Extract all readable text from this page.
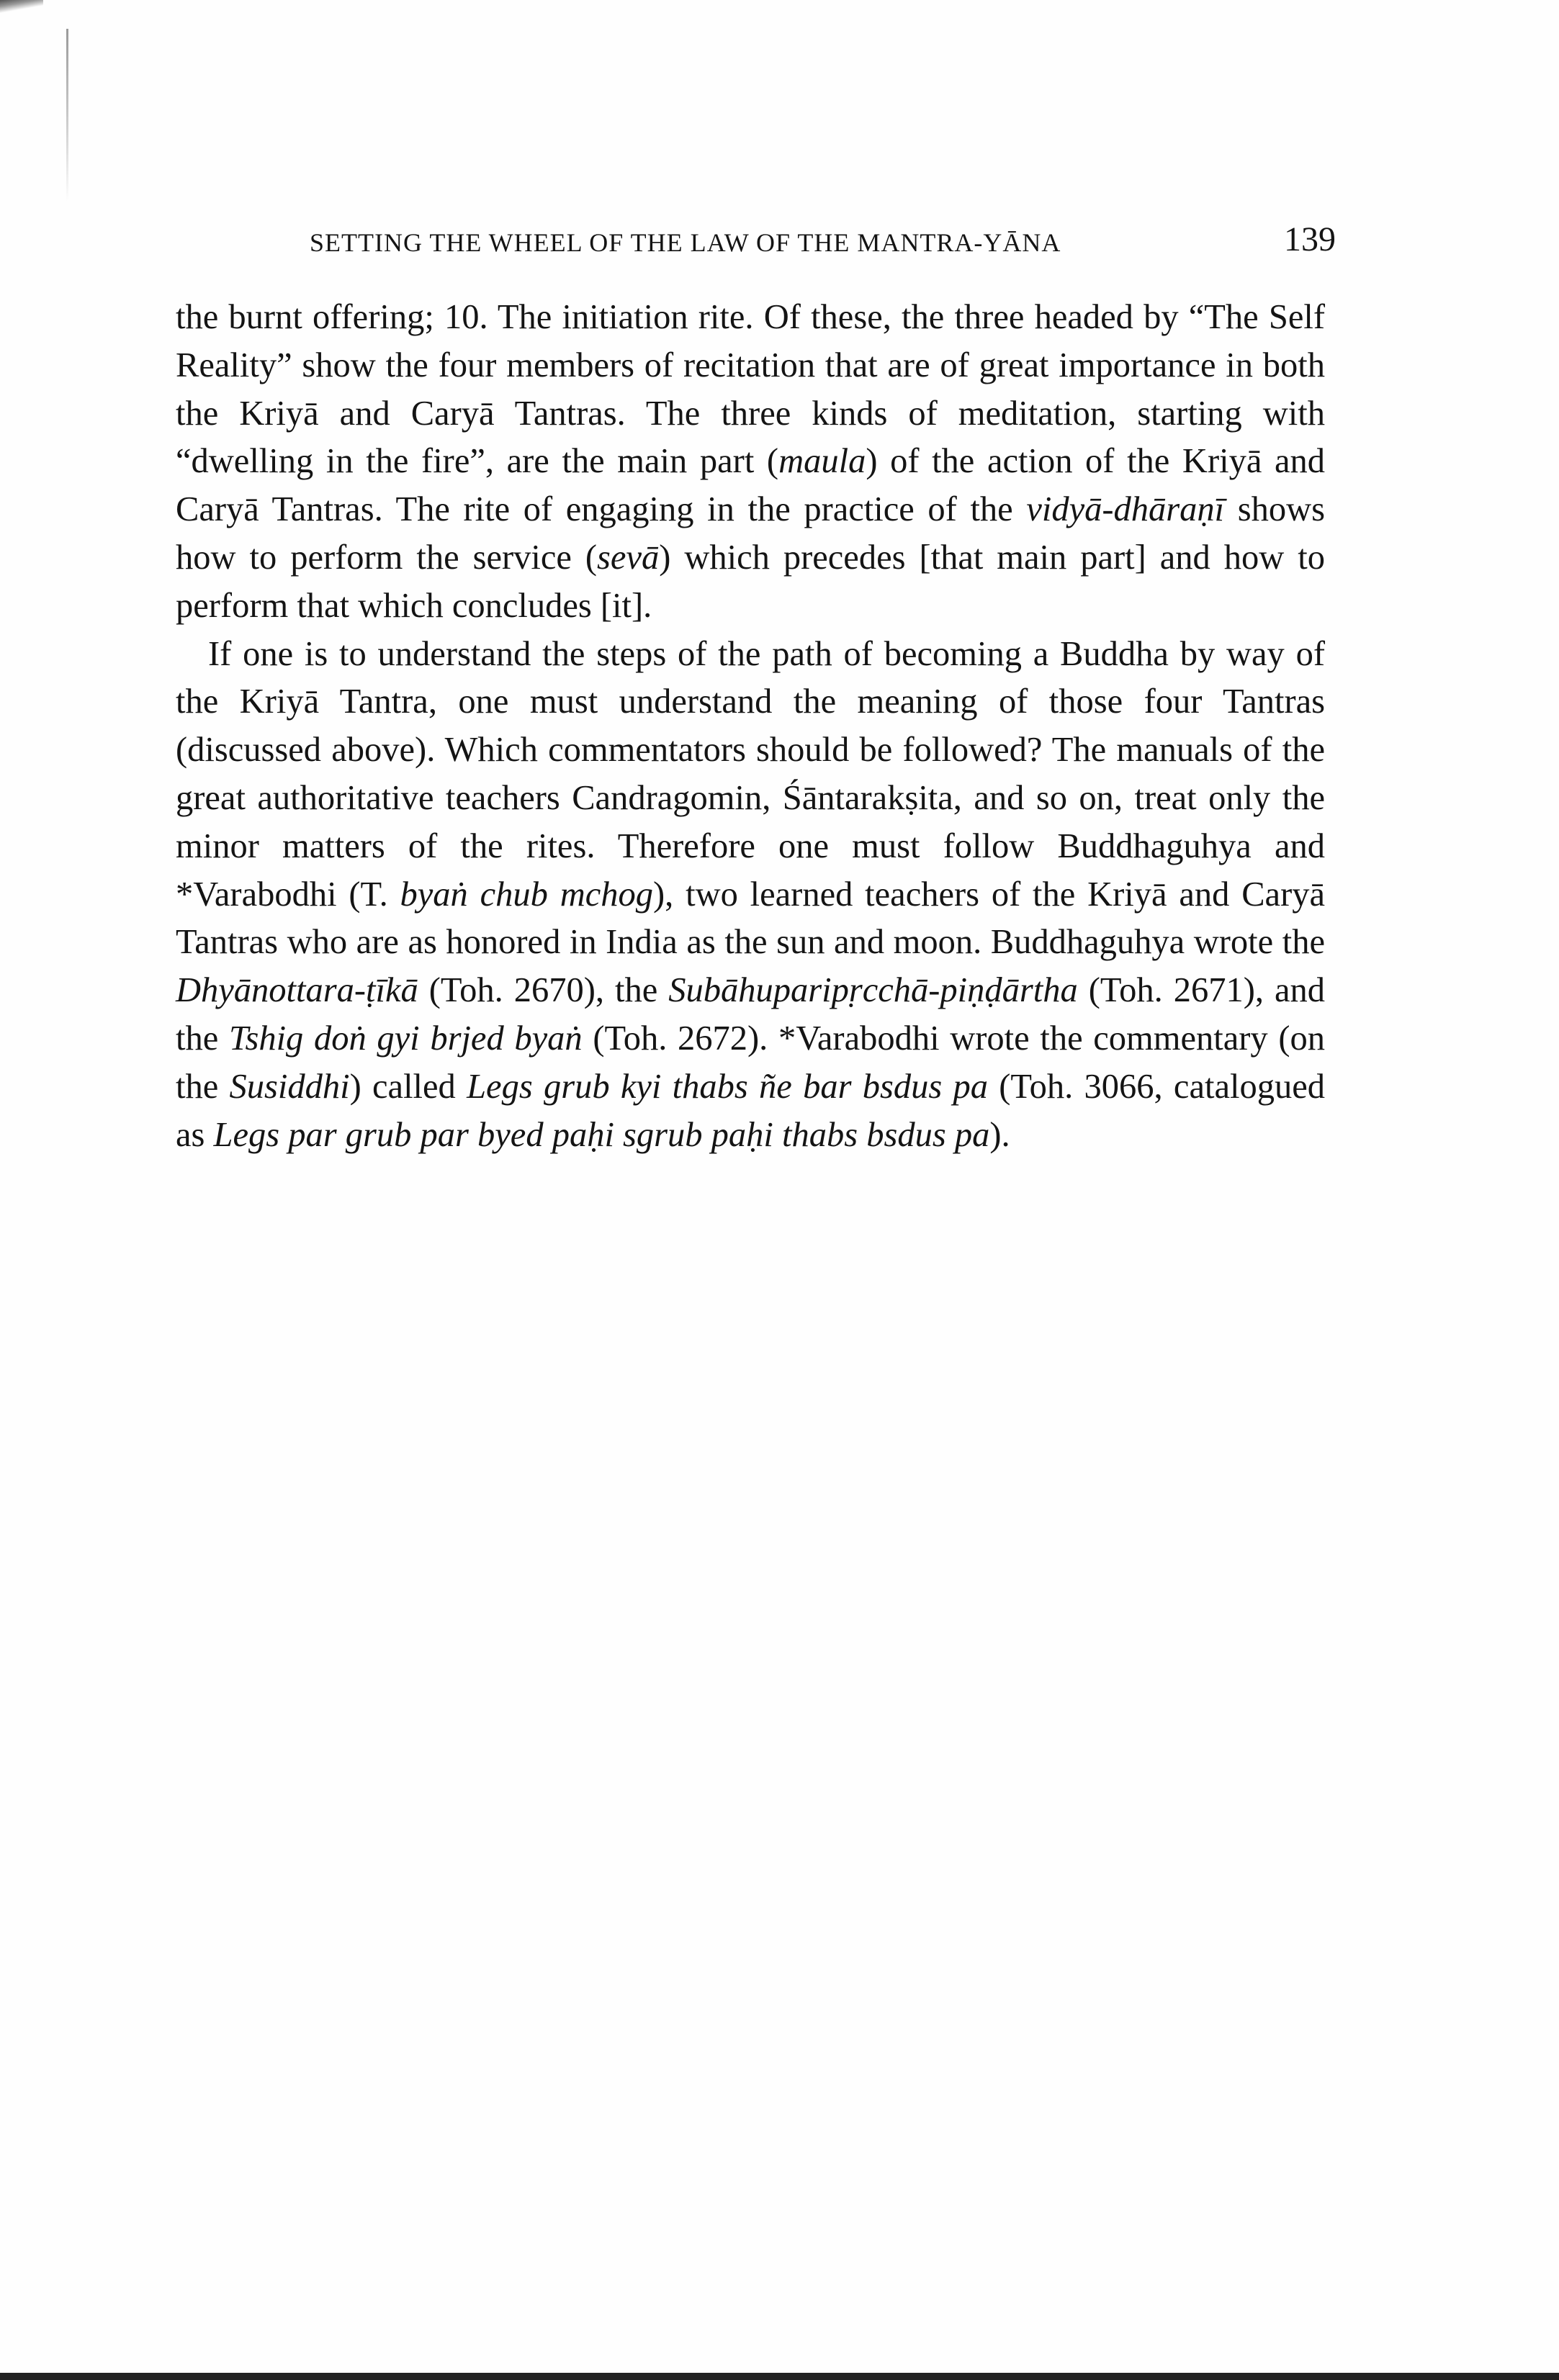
SETTING THE WHEEL OF THE LAW OF THE MANTRA-YĀNA	139

the burnt offering; 10. The initiation rite. Of these, the three headed by “The Self Reality” show the four members of recitation that are of great importance in both the Kriyā and Caryā Tantras. The three kinds of meditation, starting with “dwelling in the fire”, are the main part (maula) of the action of the Kriyā and Caryā Tantras. The rite of engaging in the practice of the vidyā-dhāraṇī shows how to perform the service (sevā) which precedes [that main part] and how to perform that which concludes [it].

If one is to understand the steps of the path of becoming a Buddha by way of the Kriyā Tantra, one must understand the meaning of those four Tantras (discussed above). Which commentators should be followed? The manuals of the great authoritative teachers Candragomin, Śāntarakṣita, and so on, treat only the minor matters of the rites. Therefore one must follow Buddhaguhya and *Varabodhi (T. byaṅ chub mchog), two learned teachers of the Kriyā and Caryā Tantras who are as honored in India as the sun and moon. Buddhaguhya wrote the Dhyānottara-ṭīkā (Toh. 2670), the Subāhuparipṛcchā-piṇḍārtha (Toh. 2671), and the Tshig doṅ gyi brjed byaṅ (Toh. 2672). *Varabodhi wrote the commentary (on the Susiddhi) called Legs grub kyi thabs ñe bar bsdus pa (Toh. 3066, catalogued as Legs par grub par byed paḥi sgrub paḥi thabs bsdus pa).
